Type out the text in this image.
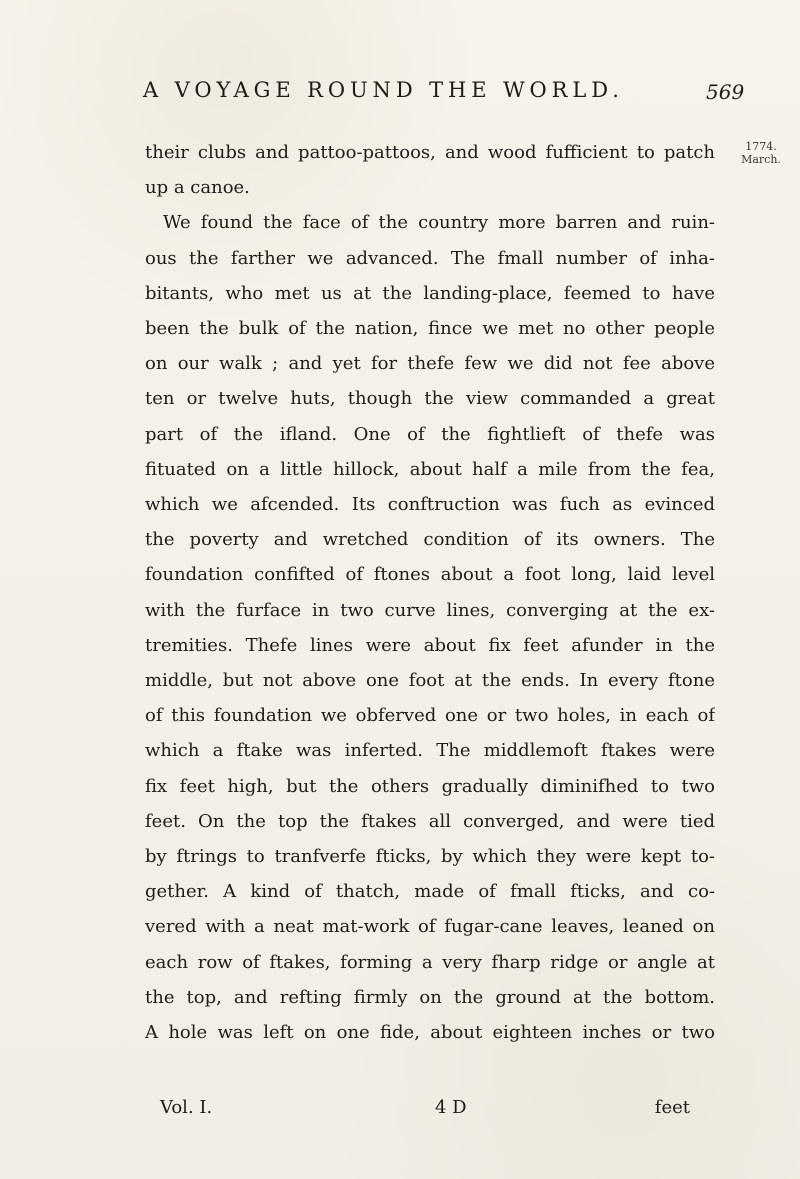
A VOYAGE ROUND THE WORLD.	569
1774.
March.
their clubs and pattoo-pattoos, and wood fufficient to patch
up a canoe.
We found the face of the country more barren and ruin-
ous the farther we advanced. The fmall number of inha-
bitants, who met us at the landing-place, feemed to have
been the bulk of the nation, fince we met no other people
on our walk ; and yet for thefe few we did not fee above
ten or twelve huts, though the view commanded a great
part of the ifland. One of the fightlieft of thefe was
fituated on a little hillock, about half a mile from the fea,
which we afcended. Its conftruction was fuch as evinced
the poverty and wretched condition of its owners. The
foundation confifted of ftones about a foot long, laid level
with the furface in two curve lines, converging at the ex-
tremities. Thefe lines were about fix feet afunder in the
middle, but not above one foot at the ends. In every ftone
of this foundation we obferved one or two holes, in each of
which a ftake was inferted. The middlemoft ftakes were
fix feet high, but the others gradually diminifhed to two
feet. On the top the ftakes all converged, and were tied
by ftrings to tranfverfe fticks, by which they were kept to-
gether. A kind of thatch, made of fmall fticks, and co-
vered with a neat mat-work of fugar-cane leaves, leaned on
each row of ftakes, forming a very fharp ridge or angle at
the top, and refting firmly on the ground at the bottom.
A hole was left on one fide, about eighteen inches or two
Vol. I.	4 D	feet
